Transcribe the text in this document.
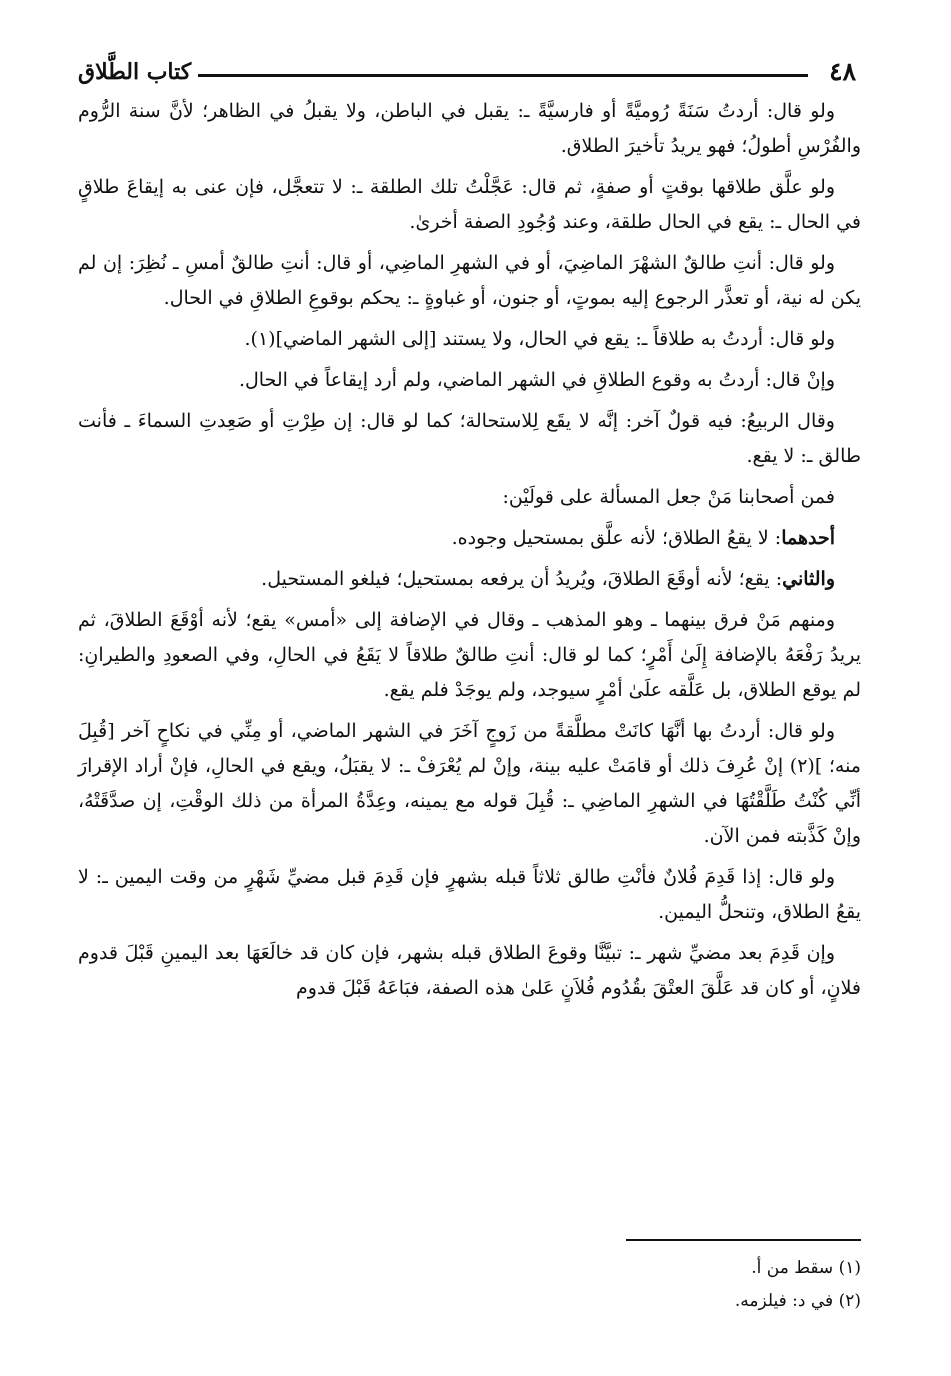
٤٨
كتاب الطَّلاق

ولو قال: أردتُ سَنَةً رُوميَّةً أو فارسيَّةً ـ: يقبل في الباطن، ولا يقبلُ في الظاهر؛ لأنَّ سنة الرُّوم والفُرْسِ أطولُ؛ فهو يريدُ تأخيرَ الطلاق.

ولو علَّق طلاقها بوقتٍ أو صفةٍ، ثم قال: عَجَّلْتُ تلك الطلقة ـ: لا تتعجَّل، فإن عنى به إيقاعَ طلاقٍ في الحال ـ: يقع في الحال طلقة، وعند وُجُودِ الصفة أخرىٰ.

ولو قال: أنتِ طالقٌ الشهْرَ الماضِيَ، أو في الشهرِ الماضِي، أو قال: أنتِ طالقٌ أمسِ ـ نُظِرَ: إن لم يكن له نية، أو تعذَّر الرجوع إليه بموتٍ، أو جنون، أو غباوةٍ ـ: يحكم بوقوعِ الطلاقِ في الحال.

ولو قال: أردتُ به طلاقاً ـ: يقع في الحال، ولا يستند [إلى الشهر الماضي](١).

وإنْ قال: أردتُ به وقوع الطلاقِ في الشهر الماضي، ولم أرد إيقاعاً في الحال.

وقال الربيعُ: فيه قولٌ آخر: إنَّه لا يقَع لِلاستحالة؛ كما لو قال: إن طِرْتِ أو صَعِدتِ السماءَ ـ فأنت طالق ـ: لا يقع.

فمن أصحابنا مَنْ جعل المسألة على قولَيْن:

أحدهما: لا يقعُ الطلاق؛ لأنه علَّق بمستحيل وجوده.

والثاني: يقع؛ لأنه أوقَعَ الطلاقَ، ويُريدُ أن يرفعه بمستحيل؛ فيلغو المستحيل.

ومنهم مَنْ فرق بينهما ـ وهو المذهب ـ وقال في الإضافة إلى «أمس» يقع؛ لأنه أوْقَعَ الطلاقَ، ثم يريدُ رَفْعَهُ بالإضافة إِلَىٰ أَمْرٍ؛ كما لو قال: أنتِ طالقٌ طلاقاً لا يَقَعُ في الحالِ، وفي الصعودِ والطيرانِ: لم يوقع الطلاق، بل عَلَّقه علَىٰ أمْرٍ سيوجد، ولم يوجَدْ فلم يقع.

ولو قال: أردتُ بها أنَّهَا كانَتْ مطلَّقةً من زَوجٍ آخَرَ في الشهر الماضي، أو مِنِّي في نكاحٍ آخر [قُبِلَ منه؛ ](٢) إنْ عُرِفَ ذلك أو قامَتْ عليه بينة، وإنْ لم يُعْرَفْ ـ: لا يقبَلُ، ويقع في الحالِ، فإنْ أراد الإقرارَ أنِّي كُنْتُ طَلَّقْتُهَا في الشهرِ الماضِي ـ: قُبِلَ قوله مع يمينه، وعِدَّةُ المرأة من ذلك الوقْتِ، إن صدَّقَتْهُ، وإنْ كَذَّبته فمن الآن.

ولو قال: إذا قَدِمَ فُلانٌ فأنْتِ طالق ثلاثاً قبله بشهرٍ فإن قَدِمَ قبل مضيِّ شَهْرٍ من وقت اليمين ـ: لا يقعُ الطلاق، وتنحلُّ اليمين.

وإن قَدِمَ بعد مضيِّ شهر ـ: تبيَّنَّا وقوعَ الطلاق قبله بشهر، فإن كان قد خالَعَهَا بعد اليمينِ قَبْلَ قدوم فلانٍ، أو كان قد عَلَّقَ العتْقَ بقُدُوم فُلاَنٍ عَلىٰ هذه الصفة، فبَاعَهُ قَبْلَ قدوم

(١) سقط من أ.

(٢) في د: فيلزمه.
